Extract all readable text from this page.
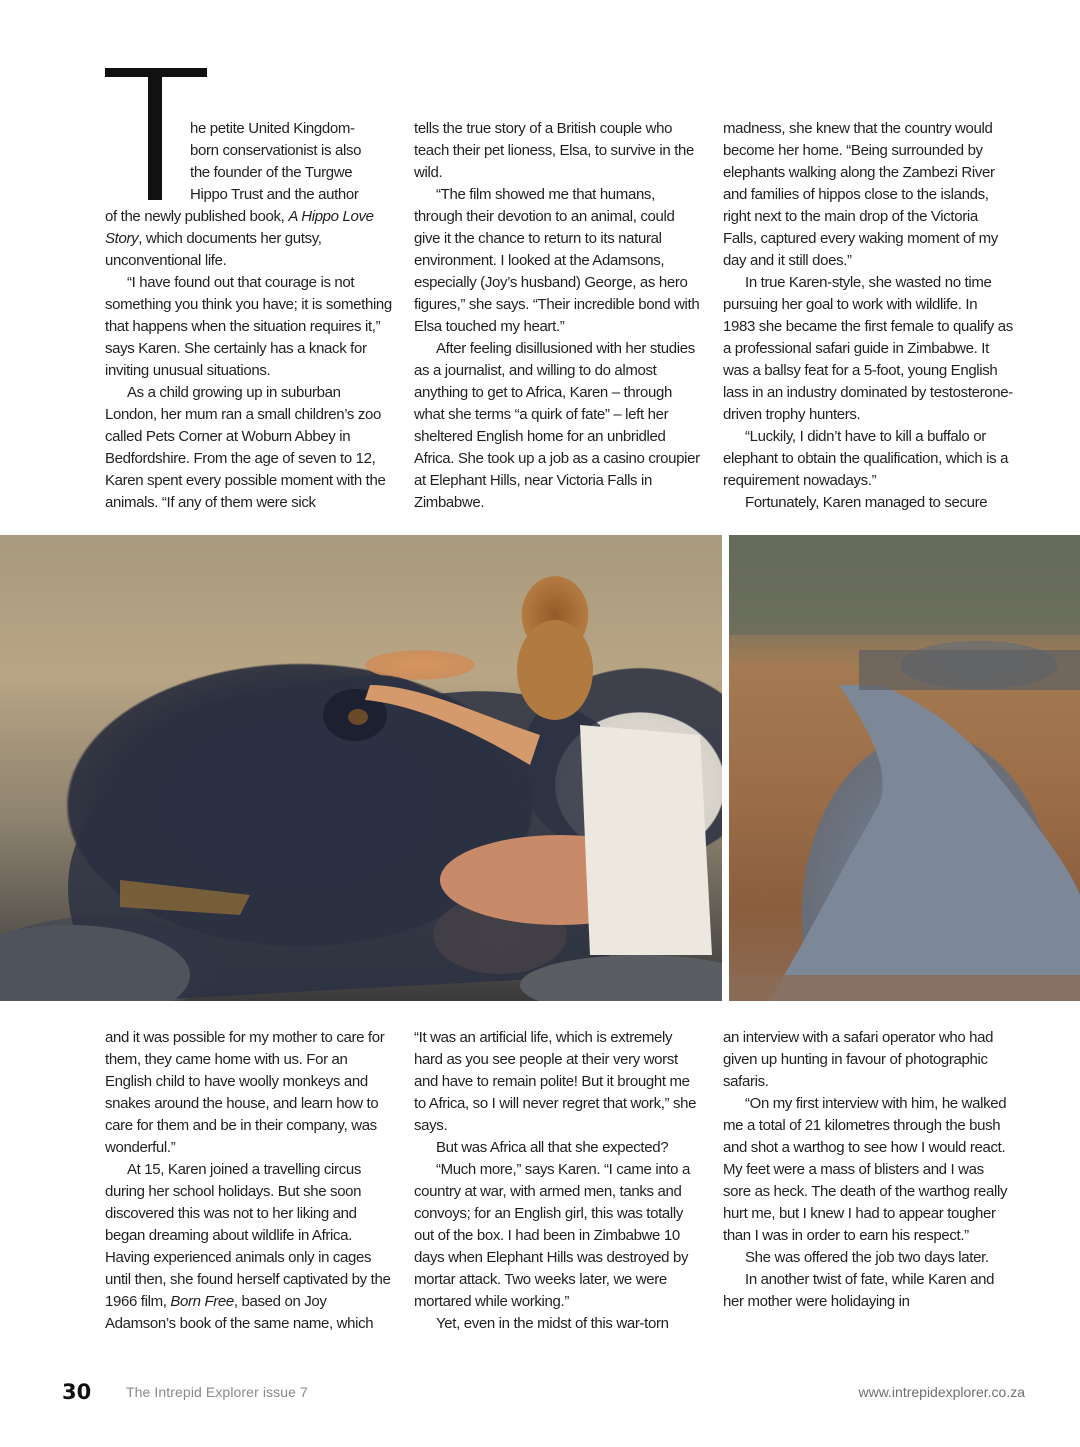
he petite United Kingdom-
born conservationist is also
the founder of the Turgwe
Hippo Trust and the author

of the newly published book, A Hippo Love Story, which documents her gutsy, unconventional life.

“I have found out that courage is not something you think you have; it is something that happens when the situation requires it,” says Karen. She certainly has a knack for inviting unusual situations.

As a child growing up in suburban London, her mum ran a small children’s zoo called Pets Corner at Woburn Abbey in Bedfordshire. From the age of seven to 12, Karen spent every possible moment with the animals. “If any of them were sick

tells the true story of a British couple who teach their pet lioness, Elsa, to survive in the wild.

“The film showed me that humans, through their devotion to an animal, could give it the chance to return to its natural environment. I looked at the Adamsons, especially (Joy’s husband) George, as hero figures,” she says. “Their incredible bond with Elsa touched my heart.”

After feeling disillusioned with her studies as a journalist, and willing to do almost anything to get to Africa, Karen – through what she terms “a quirk of fate” – left her sheltered English home for an unbridled Africa. She took up a job as a casino croupier at Elephant Hills, near Victoria Falls in Zimbabwe.

madness, she knew that the country would become her home. “Being surrounded by elephants walking along the Zambezi River and families of hippos close to the islands, right next to the main drop of the Victoria Falls, captured every waking moment of my day and it still does.”

In true Karen-style, she wasted no time pursuing her goal to work with wildlife. In 1983 she became the first female to qualify as a professional safari guide in Zimbabwe. It was a ballsy feat for a 5-foot, young English lass in an industry dominated by testosterone-driven trophy hunters.

“Luckily, I didn’t have to kill a buffalo or elephant to obtain the qualification, which is a requirement nowadays.”

Fortunately, Karen managed to secure

and it was possible for my mother to care for them, they came home with us. For an English child to have woolly monkeys and snakes around the house, and learn how to care for them and be in their company, was wonderful.”

At 15, Karen joined a travelling circus during her school holidays. But she soon discovered this was not to her liking and began dreaming about wildlife in Africa. Having experienced animals only in cages until then, she found herself captivated by the 1966 film, Born Free, based on Joy Adamson’s book of the same name, which

“It was an artificial life, which is extremely hard as you see people at their very worst and have to remain polite! But it brought me to Africa, so I will never regret that work,” she says.

But was Africa all that she expected?

“Much more,” says Karen. “I came into a country at war, with armed men, tanks and convoys; for an English girl, this was totally out of the box. I had been in Zimbabwe 10 days when Elephant Hills was destroyed by mortar attack. Two weeks later, we were mortared while working.”

Yet, even in the midst of this war-torn

an interview with a safari operator who had given up hunting in favour of photographic safaris.

“On my first interview with him, he walked me a total of 21 kilometres through the bush and shot a warthog to see how I would react. My feet were a mass of blisters and I was sore as heck. The death of the warthog really hurt me, but I knew I had to appear tougher than I was in order to earn his respect.”

She was offered the job two days later.

In another twist of fate, while Karen and her mother were holidaying in

30 The Intrepid Explorer issue 7	www.intrepidexplorer.co.za
